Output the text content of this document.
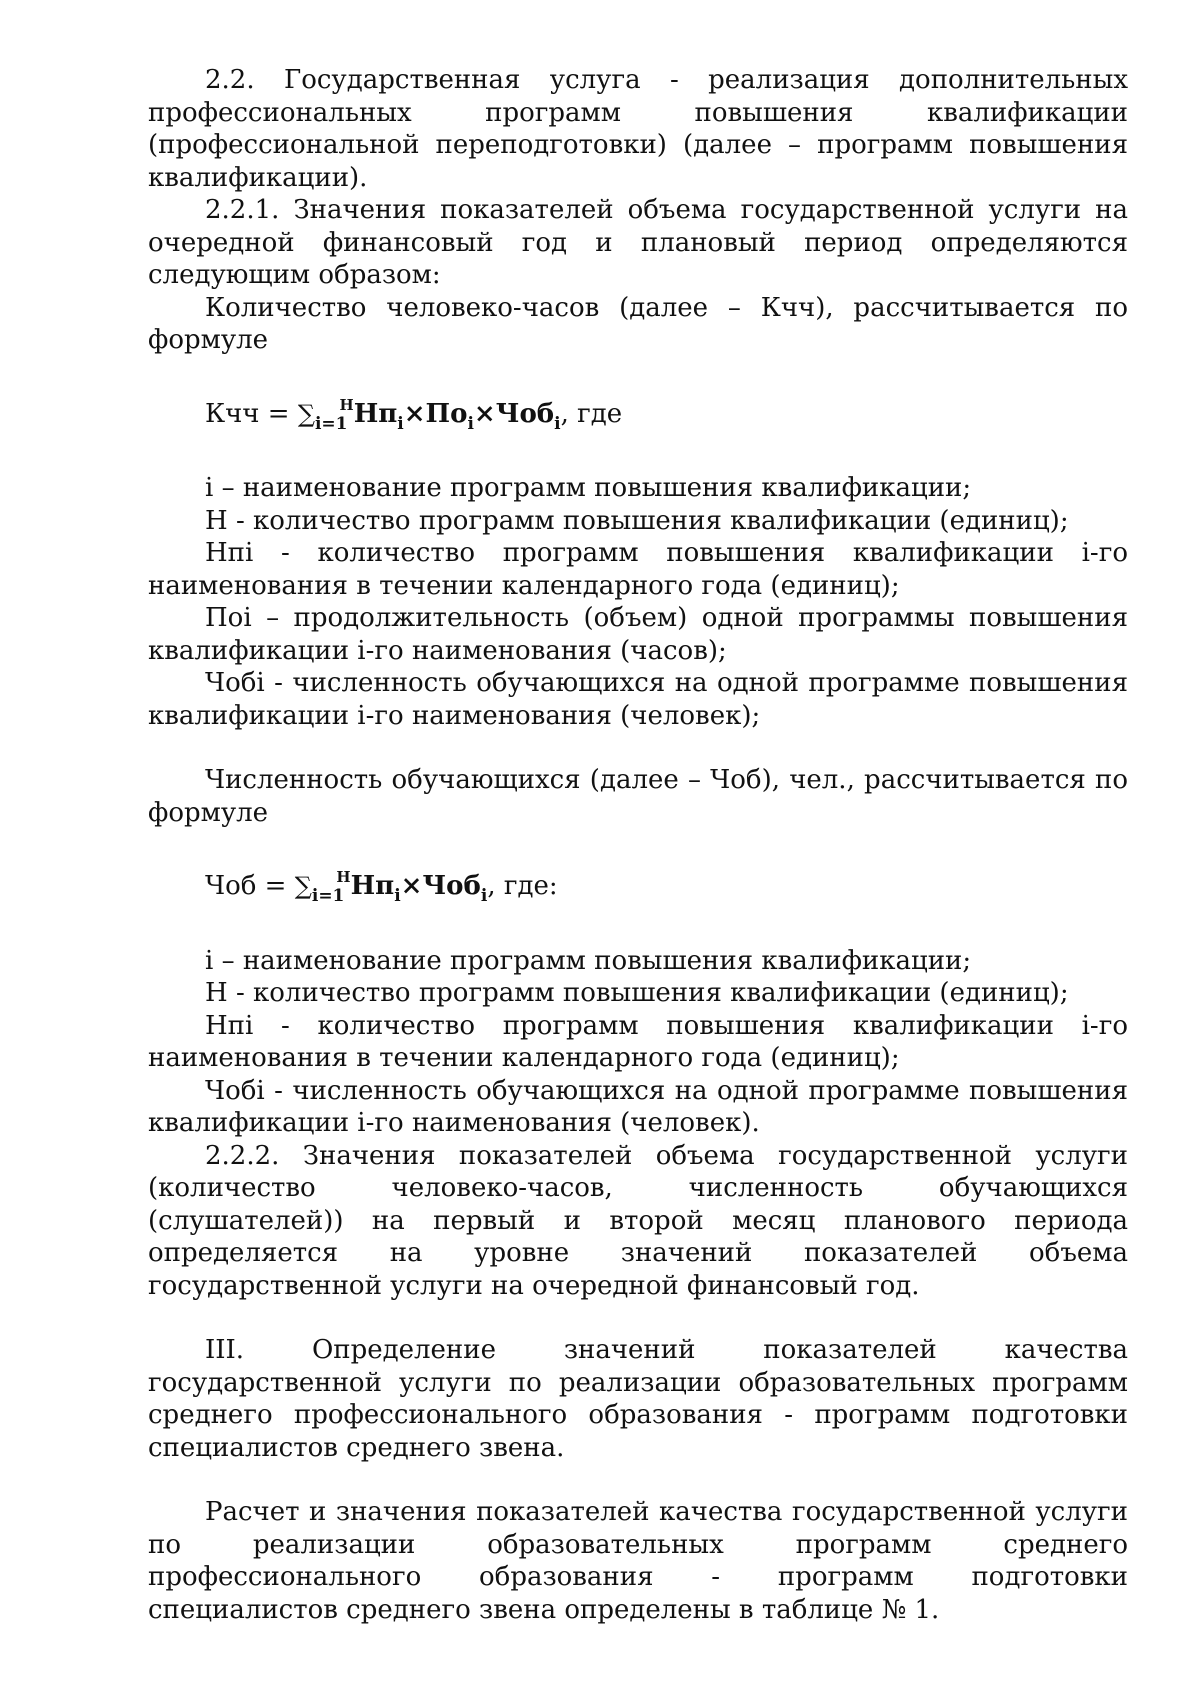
2.2. Государственная услуга - реализация дополнительных профессиональных программ повышения квалификации (профессиональной переподготовки) (далее – программ повышения квалификации).

2.2.1. Значения показателей объема государственной услуги на очередной финансовый год и плановый период определяются следующим образом:

Количество человеко-часов (далее – Кчч), рассчитывается по формуле

Кчч = $\sum_{i=1}^ННп_i\times По_i\times Чоб_i$, где

i – наименование программ повышения квалификации;

Н - количество программ повышения квалификации (единиц);

Нпi - количество программ повышения квалификации i-го наименования в течении календарного года (единиц);

Поi – продолжительность (объем) одной программы повышения квалификации i-го наименования (часов);

Чобi - численность обучающихся на одной программе повышения квалификации i-го наименования (человек);

Численность обучающихся (далее – Чоб), чел., рассчитывается по формуле

Чоб = $\sum_{i=1}^ННп_i\times Чоб_i$, где:

i – наименование программ повышения квалификации;

Н - количество программ повышения квалификации (единиц);

Нпi - количество программ повышения квалификации i-го наименования в течении календарного года (единиц);

Чобi - численность обучающихся на одной программе повышения квалификации i-го наименования (человек).

2.2.2. Значения показателей объема государственной услуги (количество человеко-часов, численность обучающихся (слушателей)) на первый и второй месяц планового периода определяется на уровне значений показателей объема государственной услуги на очередной финансовый год.

III. Определение значений показателей качества государственной услуги по реализации образовательных программ среднего профессионального образования - программ подготовки специалистов среднего звена.

Расчет и значения показателей качества государственной услуги по реализации образовательных программ среднего профессионального образования - программ подготовки специалистов среднего звена определены в таблице № 1.
